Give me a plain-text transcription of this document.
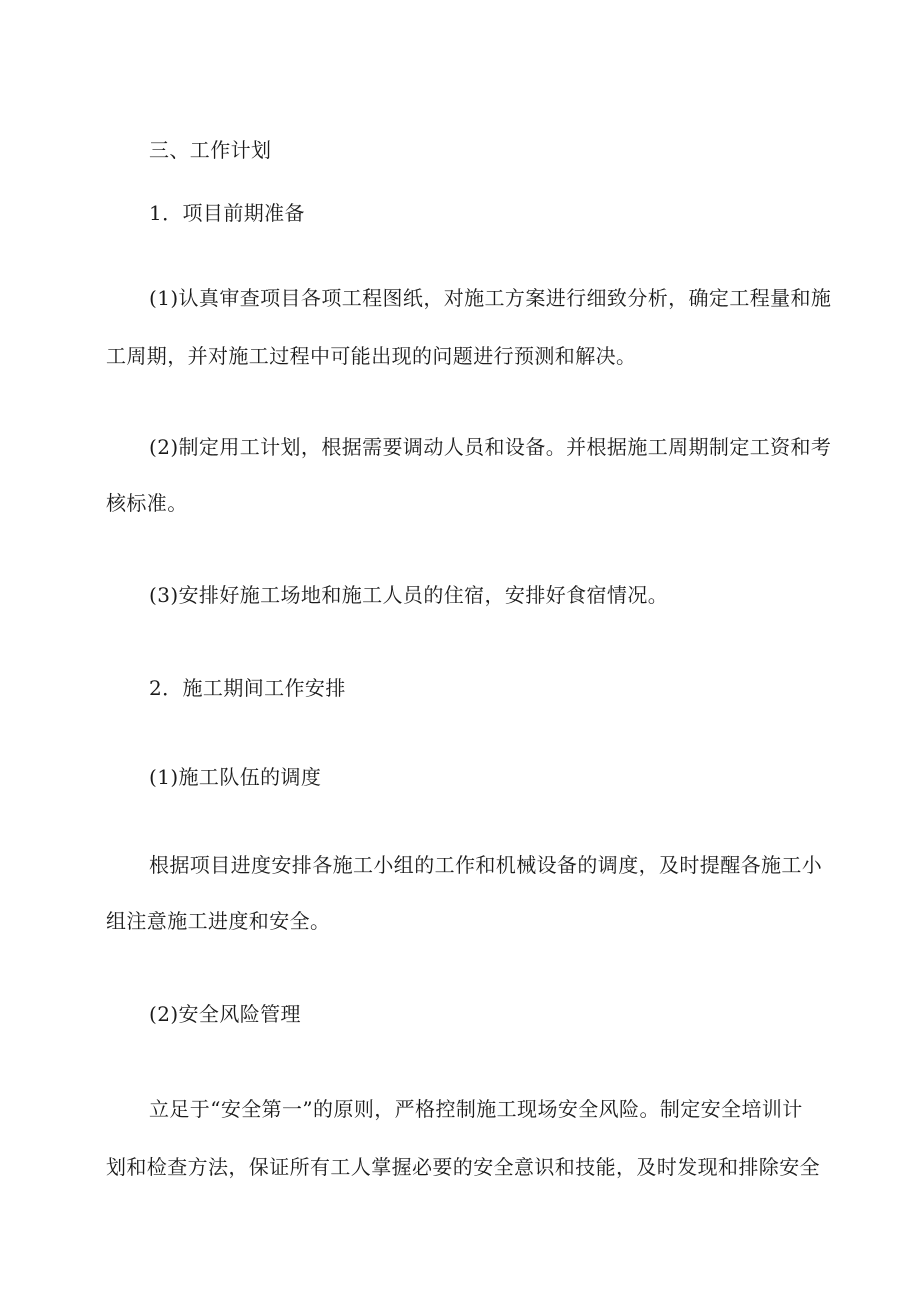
三、工作计划
1．项目前期准备
(1)认真审查项目各项工程图纸，对施工方案进行细致分析，确定工程量和施
工周期，并对施工过程中可能出现的问题进行预测和解决。
(2)制定用工计划，根据需要调动人员和设备。并根据施工周期制定工资和考
核标准。
(3)安排好施工场地和施工人员的住宿，安排好食宿情况。
2．施工期间工作安排
(1)施工队伍的调度
根据项目进度安排各施工小组的工作和机械设备的调度，及时提醒各施工小
组注意施工进度和安全。
(2)安全风险管理
立足于“安全第一”的原则，严格控制施工现场安全风险。制定安全培训计
划和检查方法，保证所有工人掌握必要的安全意识和技能，及时发现和排除安全
